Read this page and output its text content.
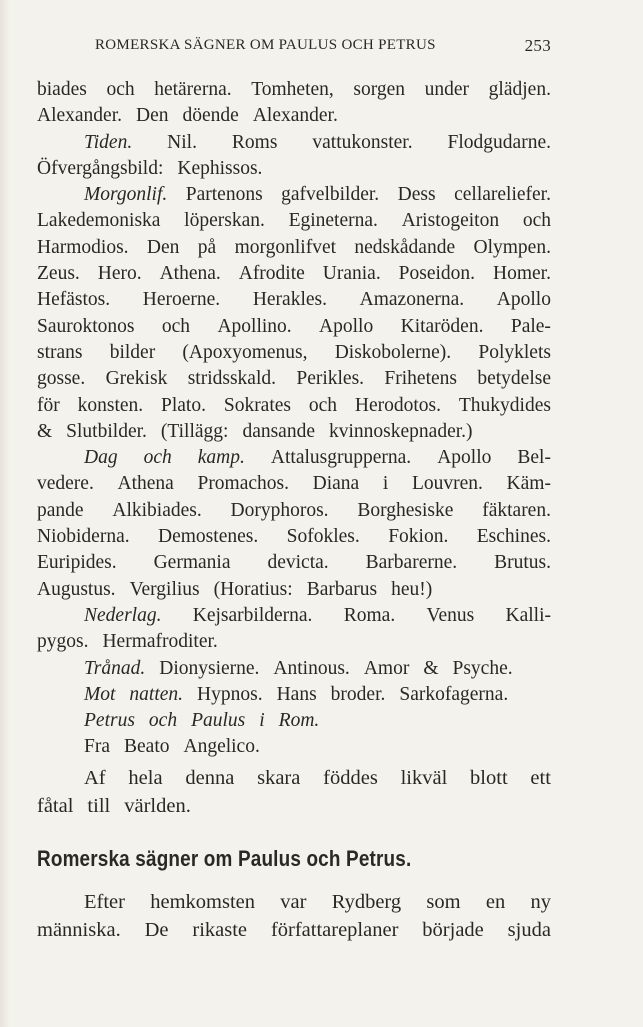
ROMERSKA SÄGNER OM PAULUS OCH PETRUS	253
biades och hetärerna. Tomheten, sorgen under glädjen.
Alexander. Den döende Alexander.
Tiden. Nil. Roms vattukonster. Flodgudarne.
Öfvergångsbild: Kephissos.
Morgonlif. Partenons gafvelbilder. Dess cellareliefer.
Lakedemoniska löperskan. Egineterna. Aristogeiton och
Harmodios. Den på morgonlifvet nedskådande Olympen.
Zeus. Hero. Athena. Afrodite Urania. Poseidon. Homer.
Hefästos. Heroerne. Herakles. Amazonerna. Apollo
Sauroktonos och Apollino. Apollo Kitaröden. Pale-
strans bilder (Apoxyomenus, Diskobolerne). Polyklets
gosse. Grekisk stridsskald. Perikles. Frihetens betydelse
för konsten. Plato. Sokrates och Herodotos. Thukydides
& Slutbilder. (Tillägg: dansande kvinnoskepnader.)
Dag och kamp. Attalusgrupperna. Apollo Bel-
vedere. Athena Promachos. Diana i Louvren. Käm-
pande Alkibiades. Doryphoros. Borghesiske fäktaren.
Niobiderna. Demostenes. Sofokles. Fokion. Eschines.
Euripides. Germania devicta. Barbarerne. Brutus.
Augustus. Vergilius (Horatius: Barbarus heu!)
Nederlag. Kejsarbilderna. Roma. Venus Kalli-
pygos. Hermafroditer.
Trånad. Dionysierne. Antinous. Amor & Psyche.
Mot natten. Hypnos. Hans broder. Sarkofagerna.
Petrus och Paulus i Rom.
Fra Beato Angelico.
Af hela denna skara föddes likväl blott ett
fåtal till världen.
Romerska sägner om Paulus och Petrus.
Efter hemkomsten var Rydberg som en ny
människa. De rikaste författareplaner började sjuda
